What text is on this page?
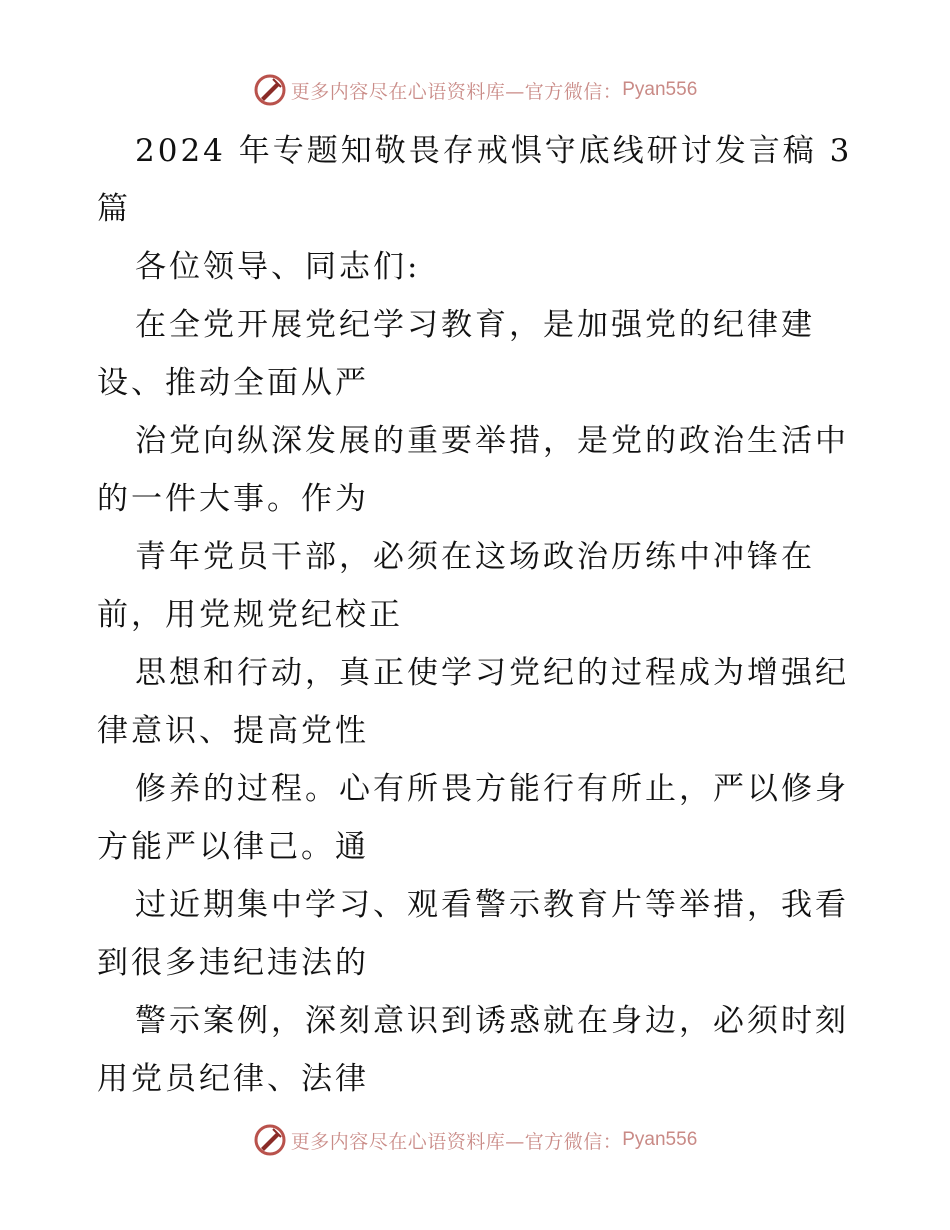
更多内容尽在心语资料库—官方微信： Pyan556
2024 年专题知敬畏存戒惧守底线研讨发言稿 3
篇
各位领导、同志们:
在全党开展党纪学习教育，是加强党的纪律建
设、推动全面从严
治党向纵深发展的重要举措，是党的政治生活中
的一件大事。作为
青年党员干部，必须在这场政治历练中冲锋在
前，用党规党纪校正
思想和行动，真正使学习党纪的过程成为增强纪
律意识、提高党性
修养的过程。心有所畏方能行有所止，严以修身
方能严以律己。通
过近期集中学习、观看警示教育片等举措，我看
到很多违纪违法的
警示案例，深刻意识到诱惑就在身边，必须时刻
用党员纪律、法律
更多内容尽在心语资料库—官方微信： Pyan556
